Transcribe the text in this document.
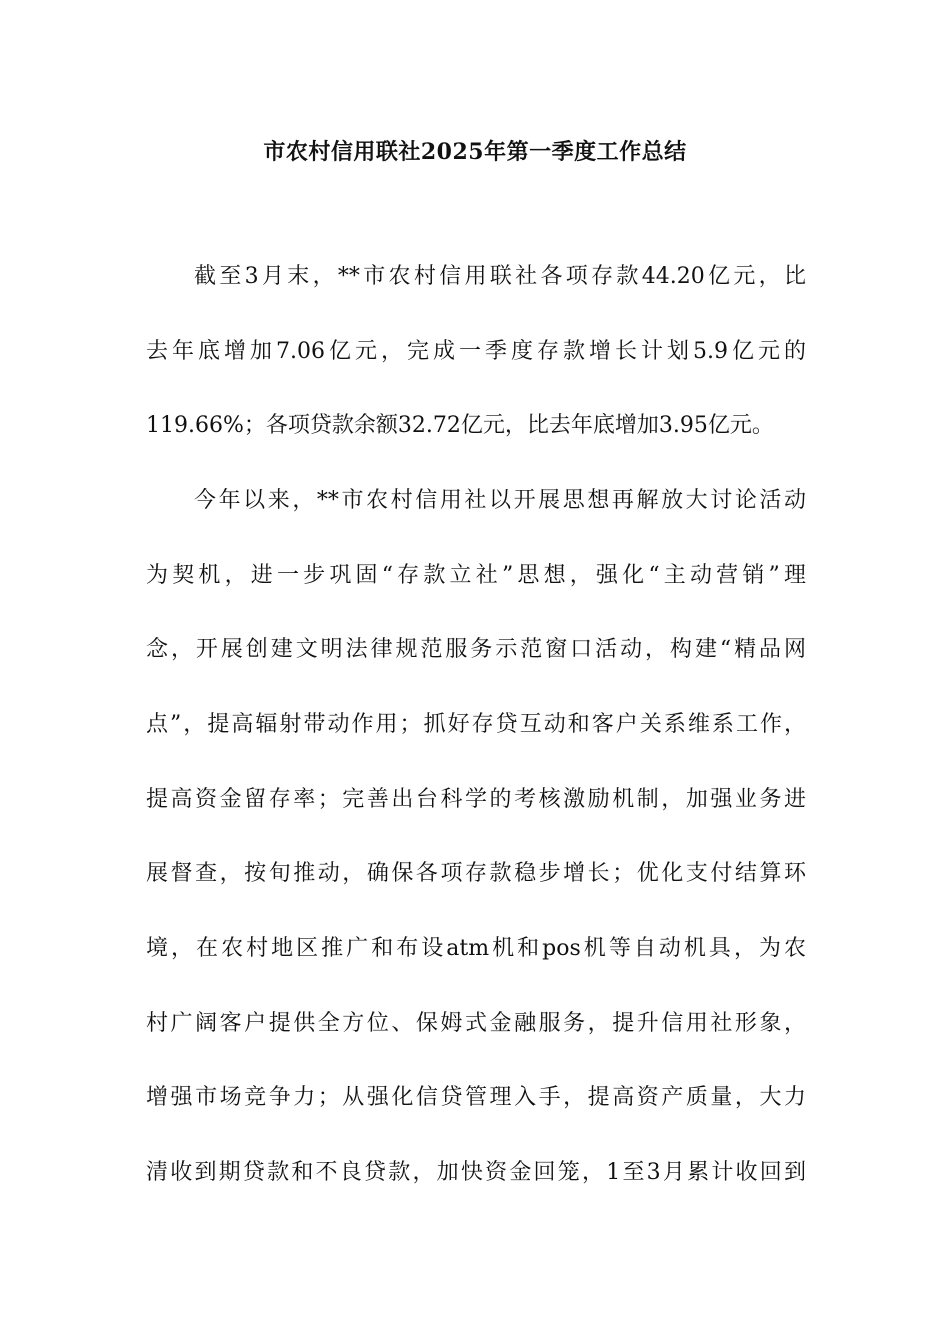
市农村信用联社2025年第一季度工作总结
截至3月末，**市农村信用联社各项存款44.20亿元，比
去年底增加7.06亿元，完成一季度存款增长计划5.9亿元的
119.66%；各项贷款余额32.72亿元，比去年底增加3.95亿元。
今年以来，**市农村信用社以开展思想再解放大讨论活动
为契机，进一步巩固“存款立社”思想，强化“主动营销”理
念，开展创建文明法律规范服务示范窗口活动，构建“精品网
点”，提高辐射带动作用；抓好存贷互动和客户关系维系工作，
提高资金留存率；完善出台科学的考核激励机制，加强业务进
展督查，按旬推动，确保各项存款稳步增长；优化支付结算环
境，在农村地区推广和布设atm机和pos机等自动机具，为农
村广阔客户提供全方位、保姆式金融服务，提升信用社形象，
增强市场竞争力；从强化信贷管理入手，提高资产质量，大力
清收到期贷款和不良贷款，加快资金回笼，1至3月累计收回到
